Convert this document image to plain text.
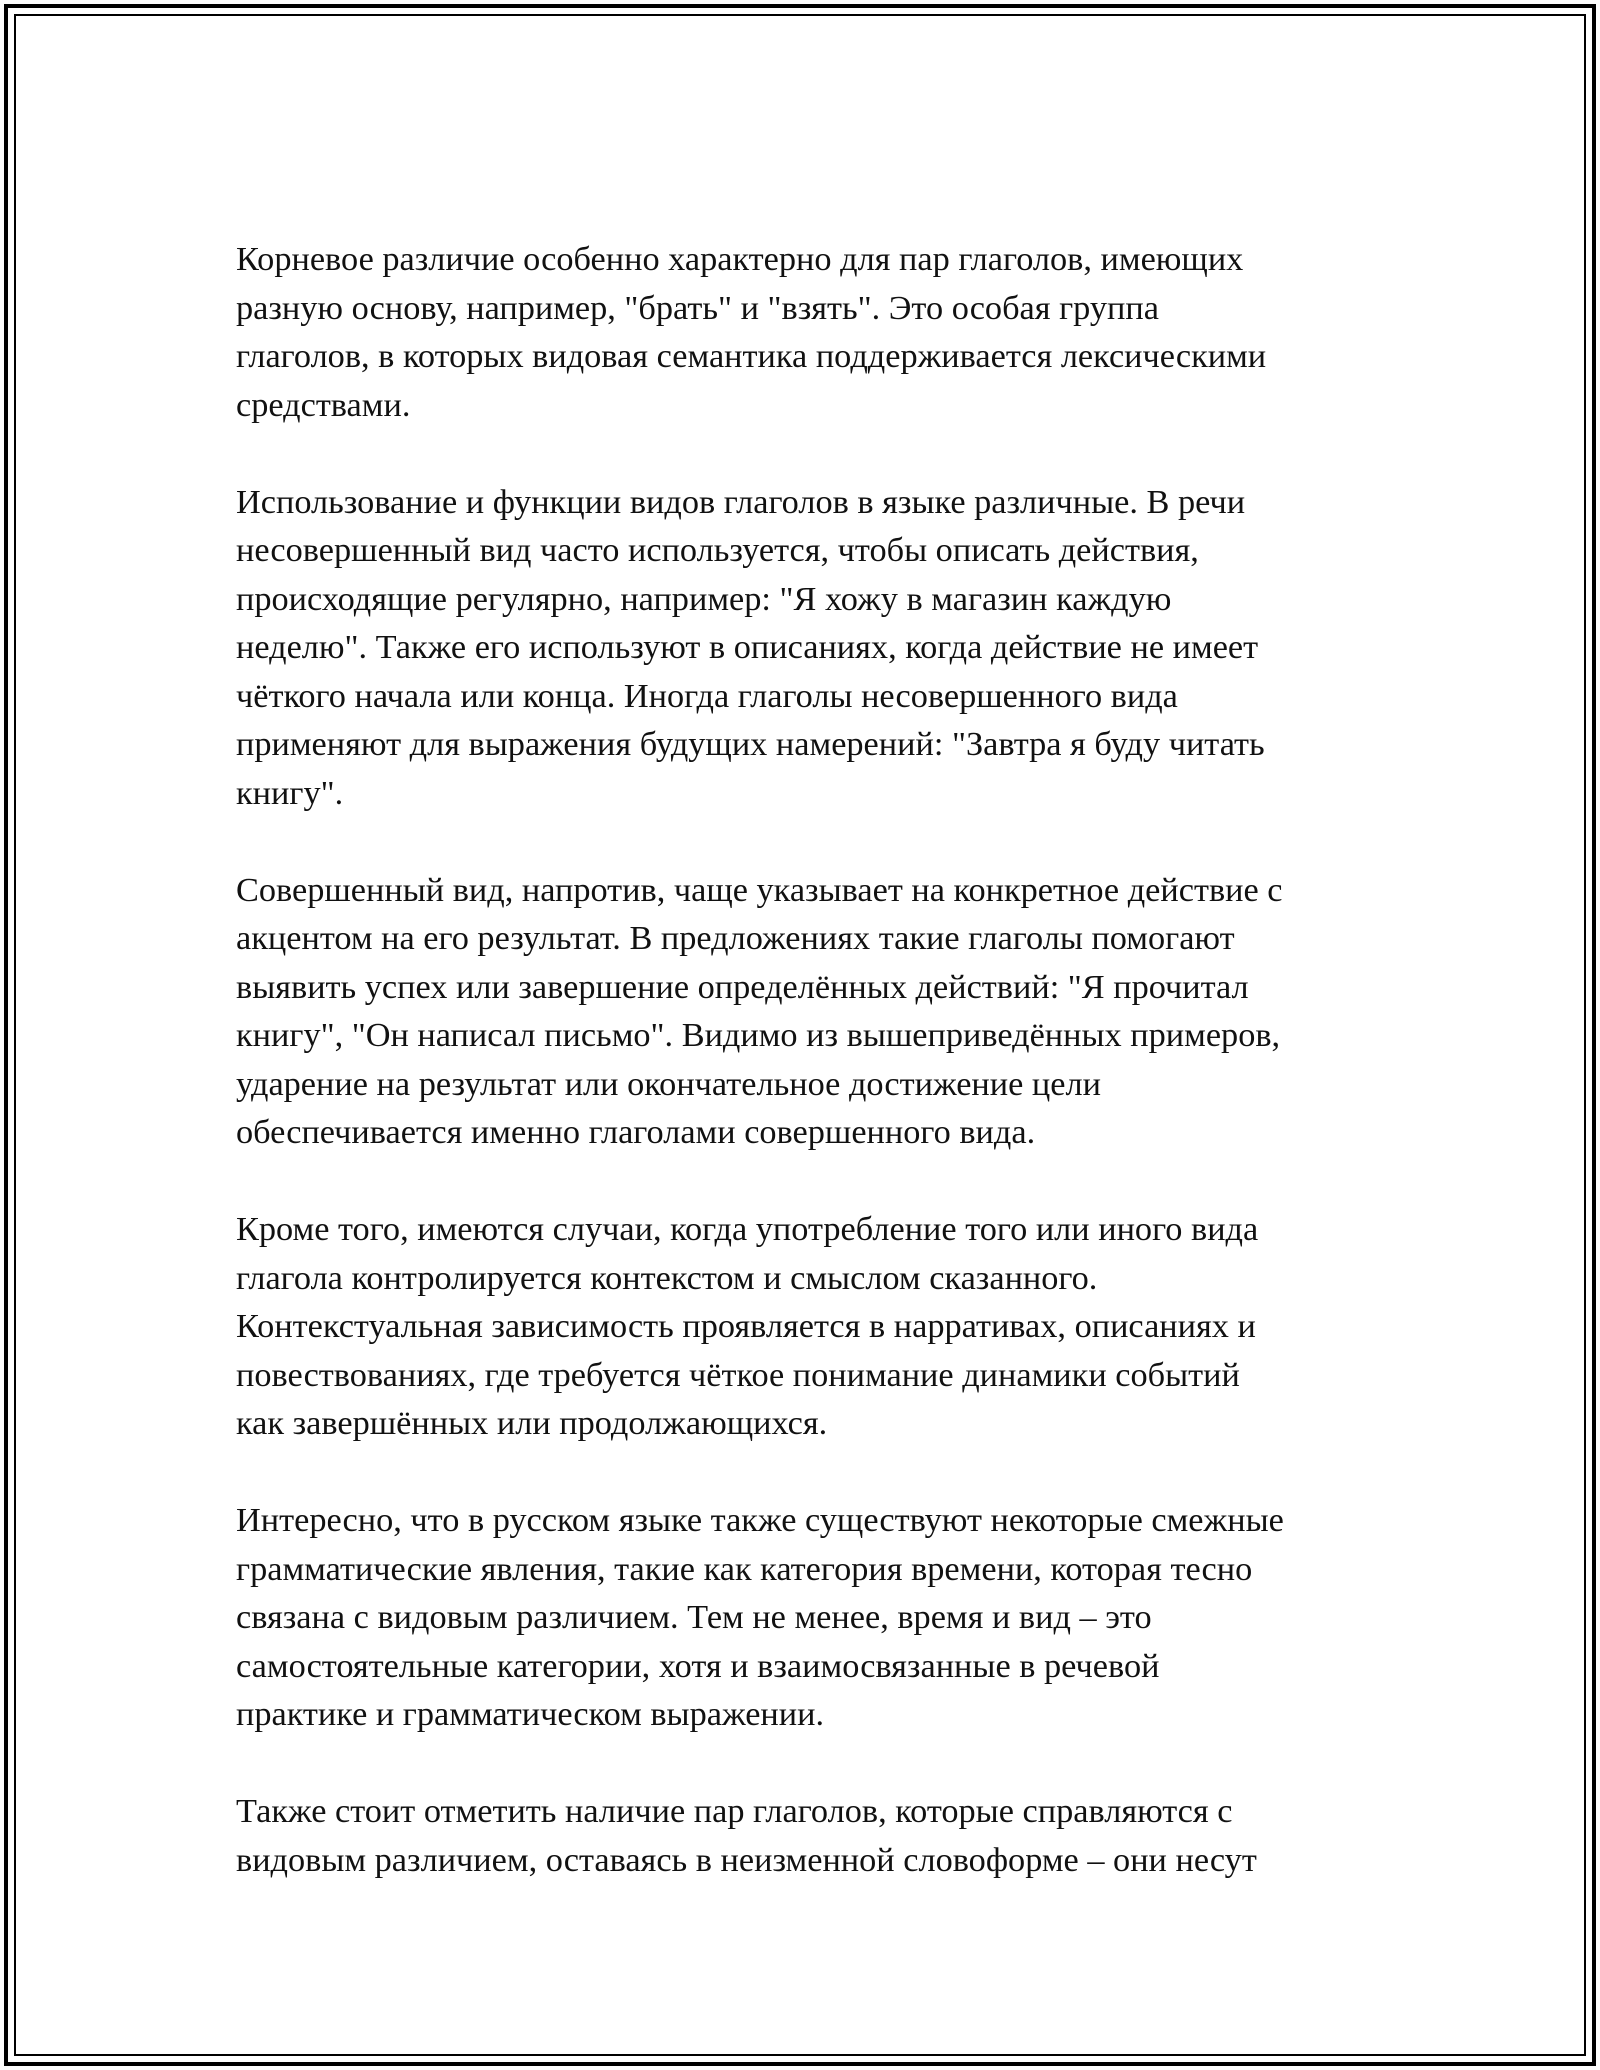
Корневое различие особенно характерно для пар глаголов, имеющих
разную основу, например, "брать" и "взять". Это особая группа
глаголов, в которых видовая семантика поддерживается лексическими
средствами.

Использование и функции видов глаголов в языке различные. В речи
несовершенный вид часто используется, чтобы описать действия,
происходящие регулярно, например: "Я хожу в магазин каждую
неделю". Также его используют в описаниях, когда действие не имеет
чёткого начала или конца. Иногда глаголы несовершенного вида
применяют для выражения будущих намерений: "Завтра я буду читать
книгу".

Совершенный вид, напротив, чаще указывает на конкретное действие с
акцентом на его результат. В предложениях такие глаголы помогают
выявить успех или завершение определённых действий: "Я прочитал
книгу", "Он написал письмо". Видимо из вышеприведённых примеров,
ударение на результат или окончательное достижение цели
обеспечивается именно глаголами совершенного вида.

Кроме того, имеются случаи, когда употребление того или иного вида
глагола контролируется контекстом и смыслом сказанного.
Контекстуальная зависимость проявляется в нарративах, описаниях и
повествованиях, где требуется чёткое понимание динамики событий
как завершённых или продолжающихся.

Интересно, что в русском языке также существуют некоторые смежные
грамматические явления, такие как категория времени, которая тесно
связана с видовым различием. Тем не менее, время и вид – это
самостоятельные категории, хотя и взаимосвязанные в речевой
практике и грамматическом выражении.

Также стоит отметить наличие пар глаголов, которые справляются с
видовым различием, оставаясь в неизменной словоформе – они несут
